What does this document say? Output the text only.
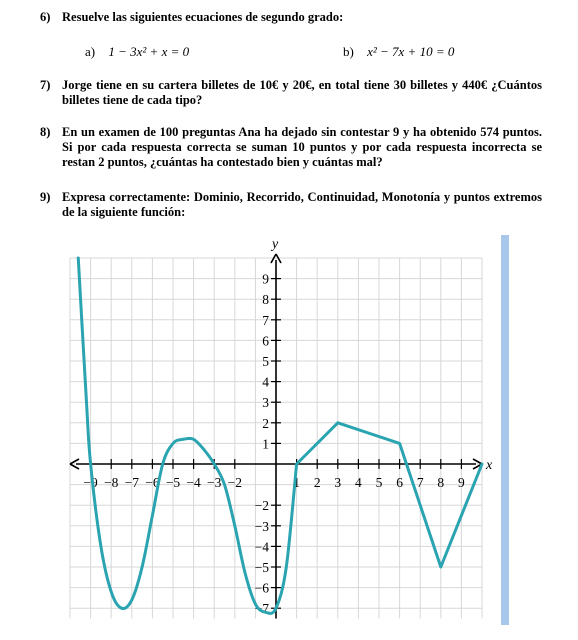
6) Resuelve las siguientes ecuaciones de segundo grado:
a) 1 − 3x² + x = 0	b) x² − 7x + 10 = 0
7) Jorge tiene en su cartera billetes de 10€ y 20€, en total tiene 30 billetes y 440€ ¿Cuántos billetes tiene de cada tipo?
8) En un examen de 100 preguntas Ana ha dejado sin contestar 9 y ha obtenido 574 puntos. Si por cada respuesta correcta se suman 10 puntos y por cada respuesta incorrecta se restan 2 puntos, ¿cuántas ha contestado bien y cuántas mal?
9) Expresa correctamente: Dominio, Recorrido, Continuidad, Monotonía y puntos extremos de la siguiente función:
x
y
−9 −8 −7 −6 −5 −4 −3 −2	1 2 3 4 5 6 7 8 9
9
8
7
6
5
4
3
2
1
−2
−3
−4
−5
−6
−7
